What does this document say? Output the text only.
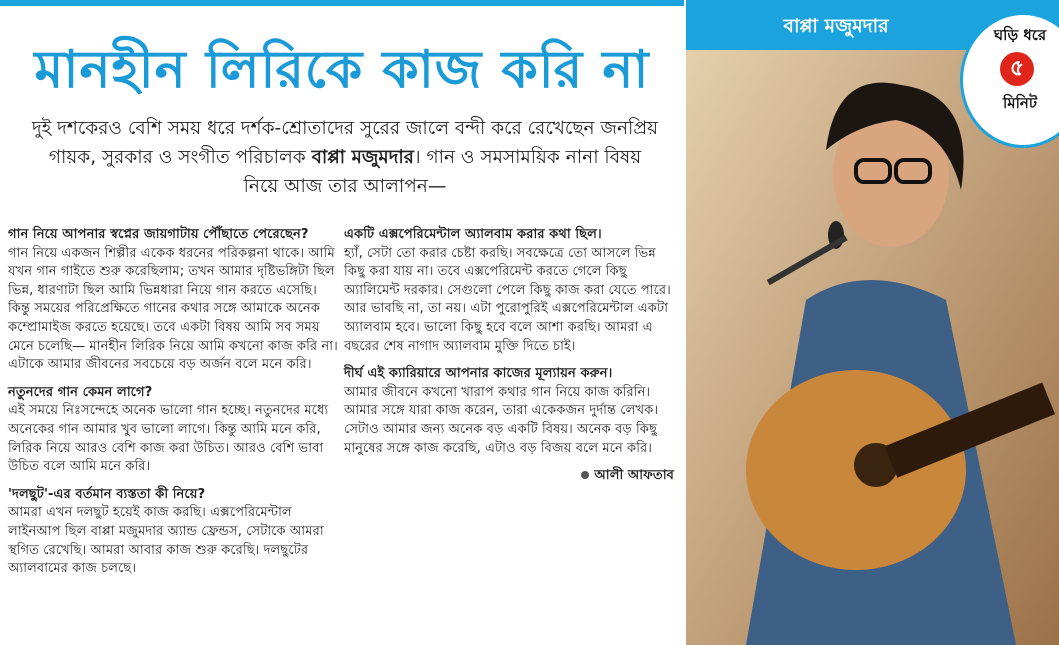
মানহীন লিরিকে কাজ করি না
দুই দশকেরও বেশি সময় ধরে দর্শক-শ্রোতাদের সুরের জালে বন্দী করে রেখেছেন জনপ্রিয় গায়ক, সুরকার ও সংগীত পরিচালক বাপ্পা মজুমদার। গান ও সমসাময়িক নানা বিষয় নিয়ে আজ তার আলাপন—

গান নিয়ে আপনার স্বপ্নের জায়গাটায় পৌঁছাতে পেরেছেন?

গান নিয়ে একজন শিল্পীর একেক ধরনের পরিকল্পনা থাকে। আমি যখন গান গাইতে শুরু করেছিলাম; তখন আমার দৃষ্টিভঙ্গিটা ছিল ভিন্ন, ধারণাটা ছিল আমি ভিন্নধারা নিয়ে গান করতে এসেছি। কিন্তু সময়ের পরিপ্রেক্ষিতে গানের কথার সঙ্গে আমাকে অনেক কম্প্রোমাইজ করতে হয়েছে। তবে একটা বিষয় আমি সব সময় মেনে চলেছি— মানহীন লিরিক নিয়ে আমি কখনো কাজ করি না। এটাকে আমার জীবনের সবচেয়ে বড় অর্জন বলে মনে করি।

নতুনদের গান কেমন লাগে?

এই সময়ে নিঃসন্দেহে অনেক ভালো গান হচ্ছে। নতুনদের মধ্যে অনেকের গান আমার খুব ভালো লাগে। কিন্তু আমি মনে করি, লিরিক নিয়ে আরও বেশি কাজ করা উচিত। আরও বেশি ভাবা উচিত বলে আমি মনে করি।

'দলছুট'-এর বর্তমান ব্যস্ততা কী নিয়ে?

আমরা এখন দলছুট হয়েই কাজ করছি। এক্সপেরিমেন্টাল লাইনআপ ছিল বাপ্পা মজুমদার অ্যান্ড ফ্রেন্ডস, সেটাকে আমরা স্থগিত রেখেছি। আমরা আবার কাজ শুরু করেছি। দলছুটের অ্যালবামের কাজ চলছে।

একটি এক্সপেরিমেন্টাল অ্যালবাম করার কথা ছিল।

হ্যাঁ, সেটা তো করার চেষ্টা করছি। সবক্ষেত্রে তো আসলে ভিন্ন কিছু করা যায় না। তবে এক্সপেরিমেন্ট করতে গেলে কিছু অ্যালিমেন্ট দরকার। সেগুলো পেলে কিছু কাজ করা যেতে পারে। আর ভাবছি না, তা নয়। এটা পুরোপুরিই এক্সপেরিমেন্টাল একটা অ্যালবাম হবে। ভালো কিছু হবে বলে আশা করছি। আমরা এ বছরের শেষ নাগাদ অ্যালবাম মুক্তি দিতে চাই।

দীর্ঘ এই ক্যারিয়ারে আপনার কাজের মূল্যায়ন করুন।

আমার জীবনে কখনো খারাপ কথার গান নিয়ে কাজ করিনি। আমার সঙ্গে যারা কাজ করেন, তারা একেকজন দুর্দান্ত লেখক। সেটাও আমার জন্য অনেক বড় একটি বিষয়। অনেক বড় কিছু মানুষের সঙ্গে কাজ করেছি, এটাও বড় বিজয় বলে মনে করি।

আলী আফতাব
বাপ্পা মজুমদার	ঘড়ি ধরে
৫
মিনিট
